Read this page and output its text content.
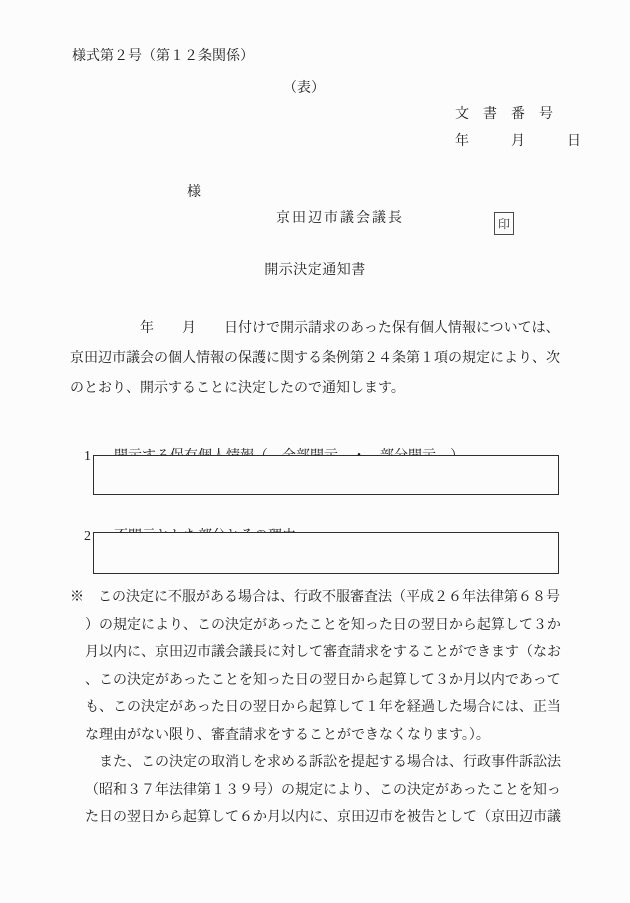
様式第２号（第１２条関係）
（表）
文　書　番　号
年　　　月　　　日
様
京田辺市議会議長	印
開示決定通知書
　　　　　年　　月　　日付けで開示請求のあった保有個人情報については、
京田辺市議会の個人情報の保護に関する条例第２４条第１項の規定により、次
のとおり、開示することに決定したので通知します。

1

2

※　この決定に不服がある場合は、行政不服審査法（平成２６年法律第６８号
）の規定により、この決定があったことを知った日の翌日から起算して３か
月以内に、京田辺市議会議長に対して審査請求をすることができます（なお
、この決定があったことを知った日の翌日から起算して３か月以内であって
も、この決定があった日の翌日から起算して１年を経過した場合には、正当
な理由がない限り、審査請求をすることができなくなります。）。
　また、この決定の取消しを求める訴訟を提起する場合は、行政事件訴訟法
（昭和３７年法律第１３９号）の規定により、この決定があったことを知っ
た日の翌日から起算して６か月以内に、京田辺市を被告として（京田辺市議
